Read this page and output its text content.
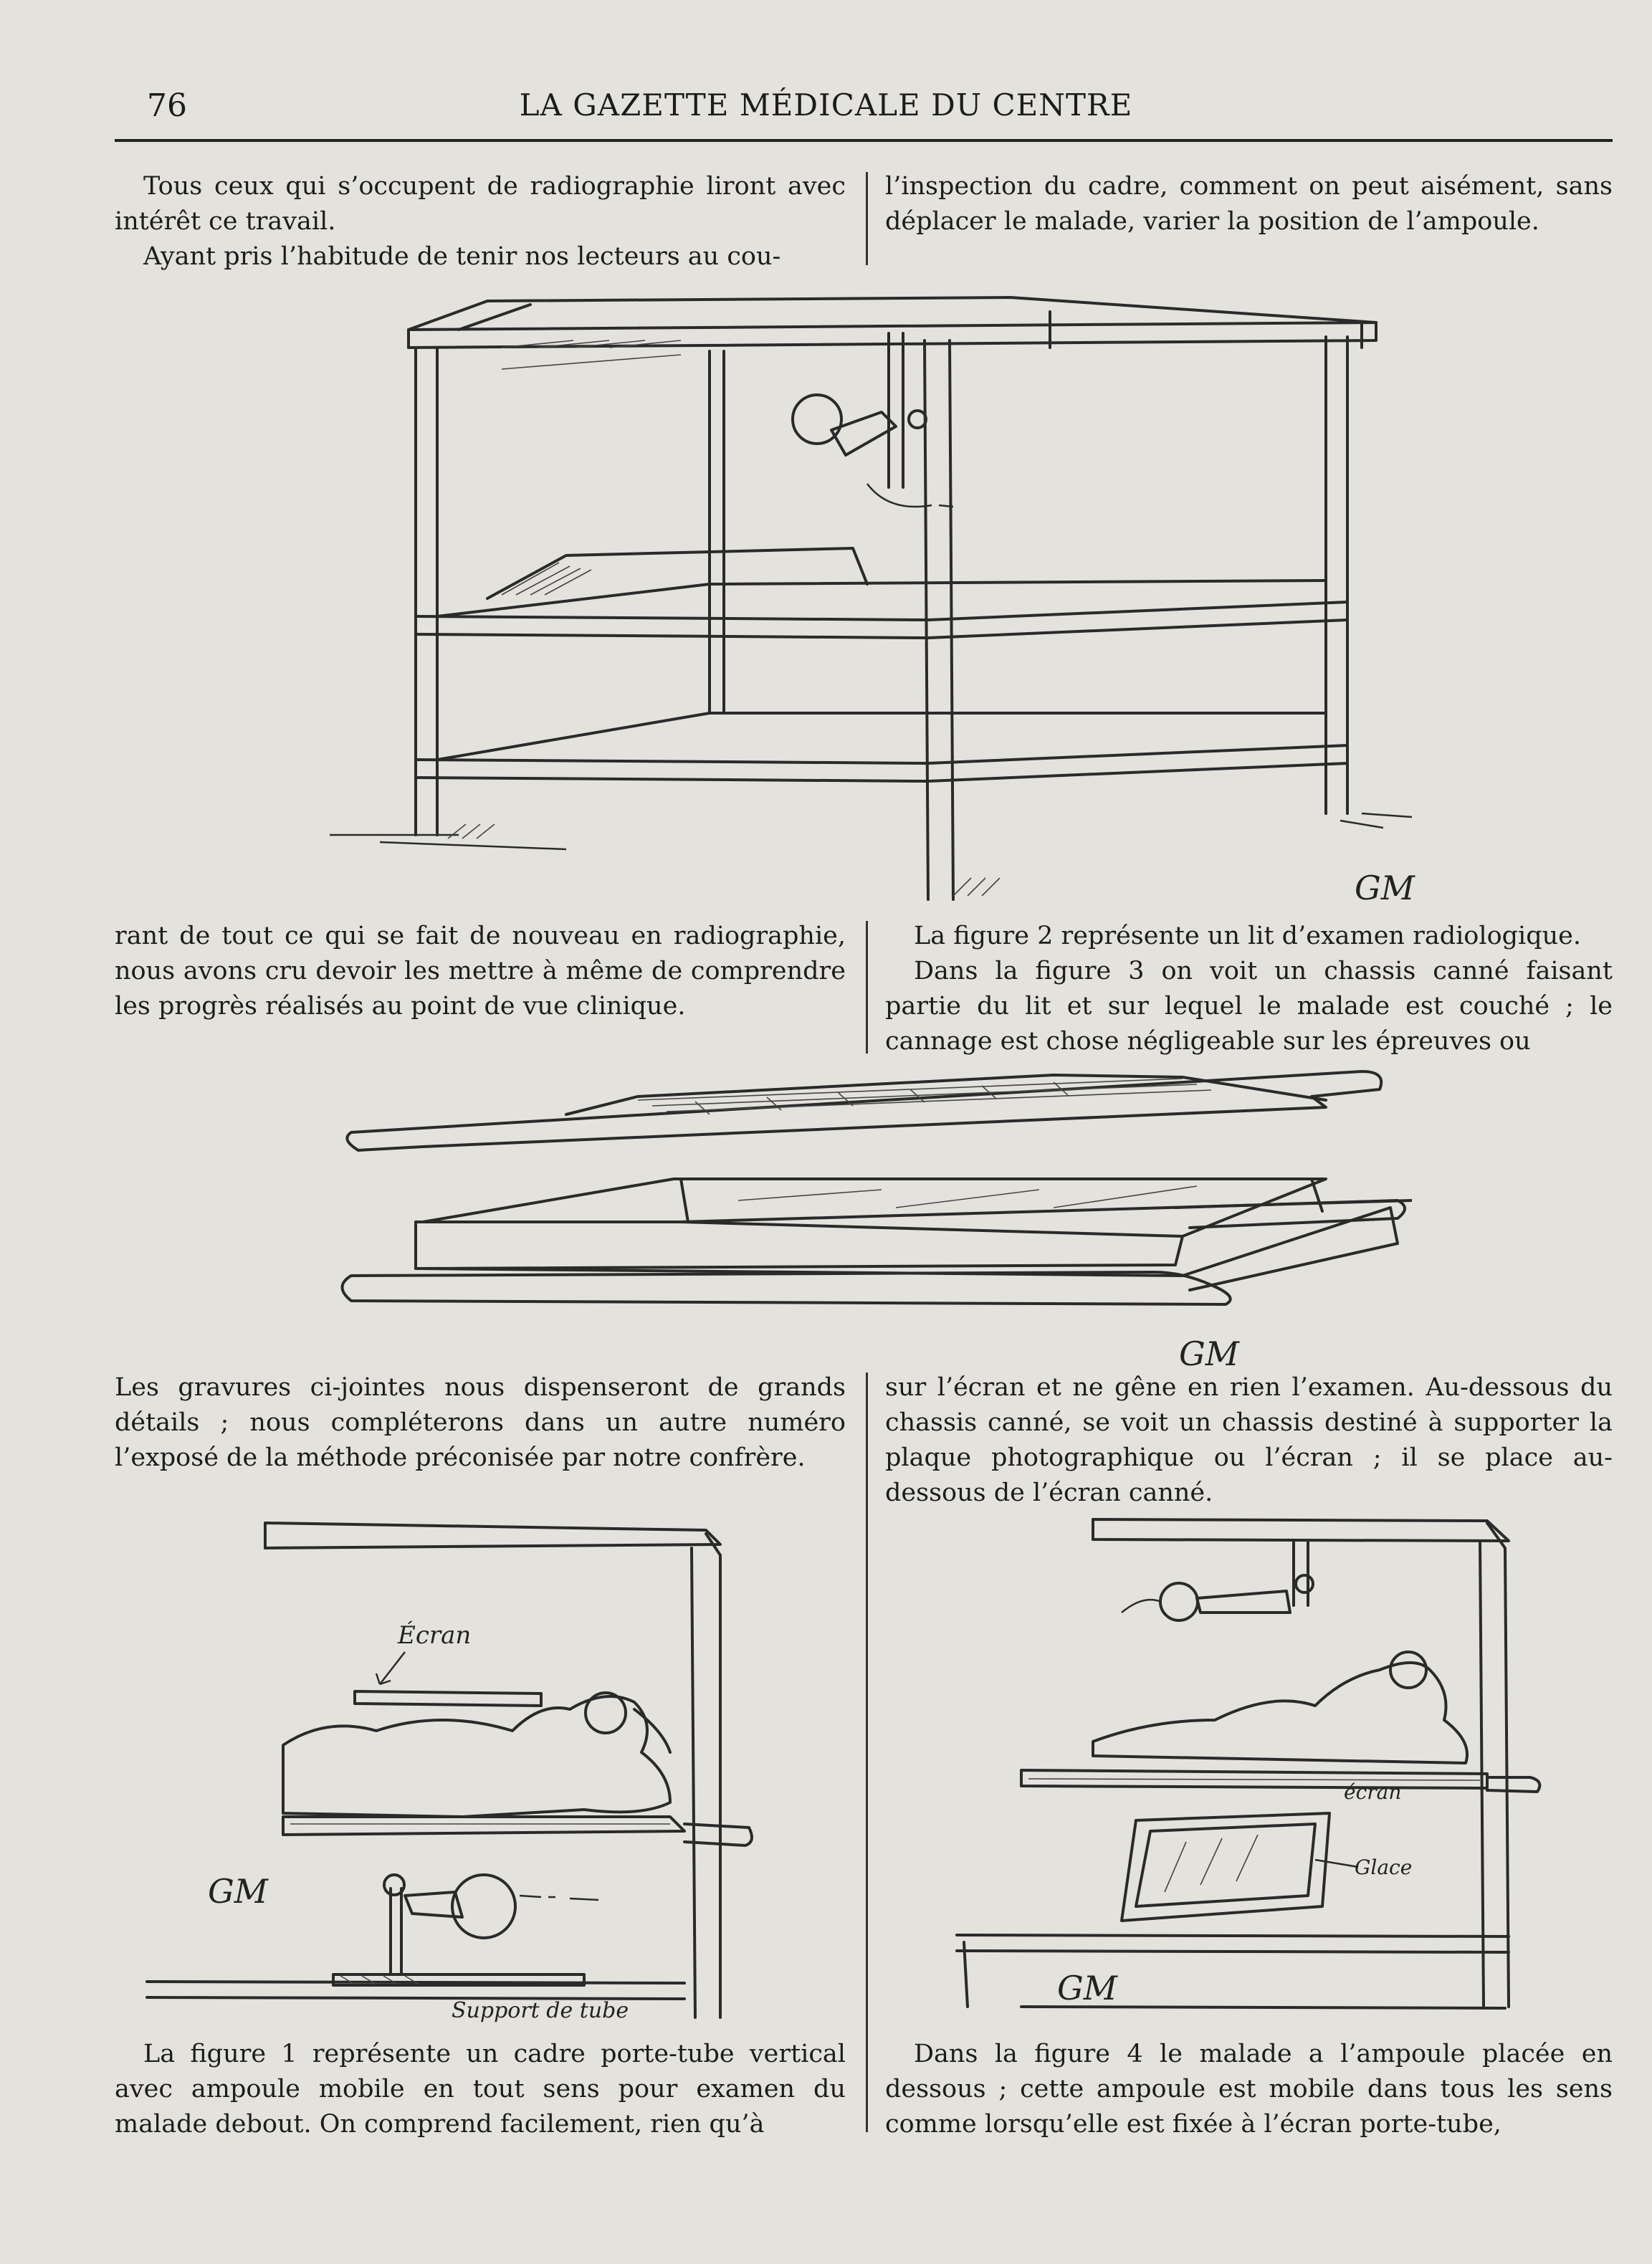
76	LA GAZETTE MÉDICALE DU CENTRE

Tous ceux qui s’occupent de radiographie liront avec intérêt ce travail.

Ayant pris l’habitude de tenir nos lecteurs au cou-

l’inspection du cadre, comment on peut aisément, sans déplacer le malade, varier la position de l’ampoule.

GM

rant de tout ce qui se fait de nouveau en radiographie, nous avons cru devoir les mettre à même de comprendre les progrès réalisés au point de vue clinique.

La figure 2 représente un lit d’examen radiologique.

Dans la figure 3 on voit un chassis canné faisant partie du lit et sur lequel le malade est couché ; le cannage est chose négligeable sur les épreuves ou

GM

Les gravures ci-jointes nous dispenseront de grands détails ; nous compléterons dans un autre numéro l’exposé de la méthode préconisée par notre confrère.

sur l’écran et ne gêne en rien l’examen. Au-dessous du chassis canné, se voit un chassis destiné à supporter la plaque photographique ou l’écran ; il se place au-dessous de l’écran canné.

Écran
Support de tube
GM
écran
Glace
GM

La figure 1 représente un cadre porte-tube vertical avec ampoule mobile en tout sens pour examen du malade debout. On comprend facilement, rien qu’à

Dans la figure 4 le malade a l’ampoule placée en dessous ; cette ampoule est mobile dans tous les sens comme lorsqu’elle est fixée à l’écran porte-tube,
